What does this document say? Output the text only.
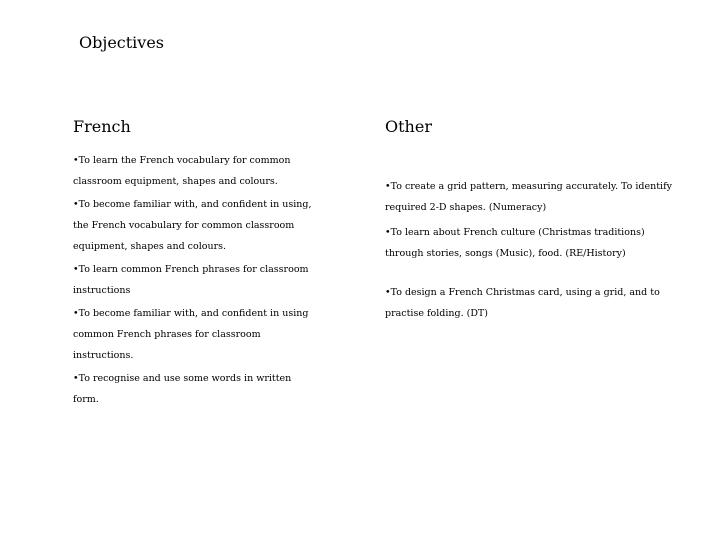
Objectives
French	Other

•To learn the French vocabulary for common classroom equipment, shapes and colours.

•To become familiar with, and confident in using, the French vocabulary for common classroom equipment, shapes and colours.

•To learn common French phrases for classroom instructions

•To become familiar with, and confident in using common French phrases for classroom instructions.

•To recognise and use some words in written form.

•To create a grid pattern, measuring accurately. To identify required 2-D shapes. (Numeracy)

•To learn about French culture (Christmas traditions) through stories, songs (Music), food. (RE/History)

•To design a French Christmas card, using a grid, and to practise folding. (DT)
